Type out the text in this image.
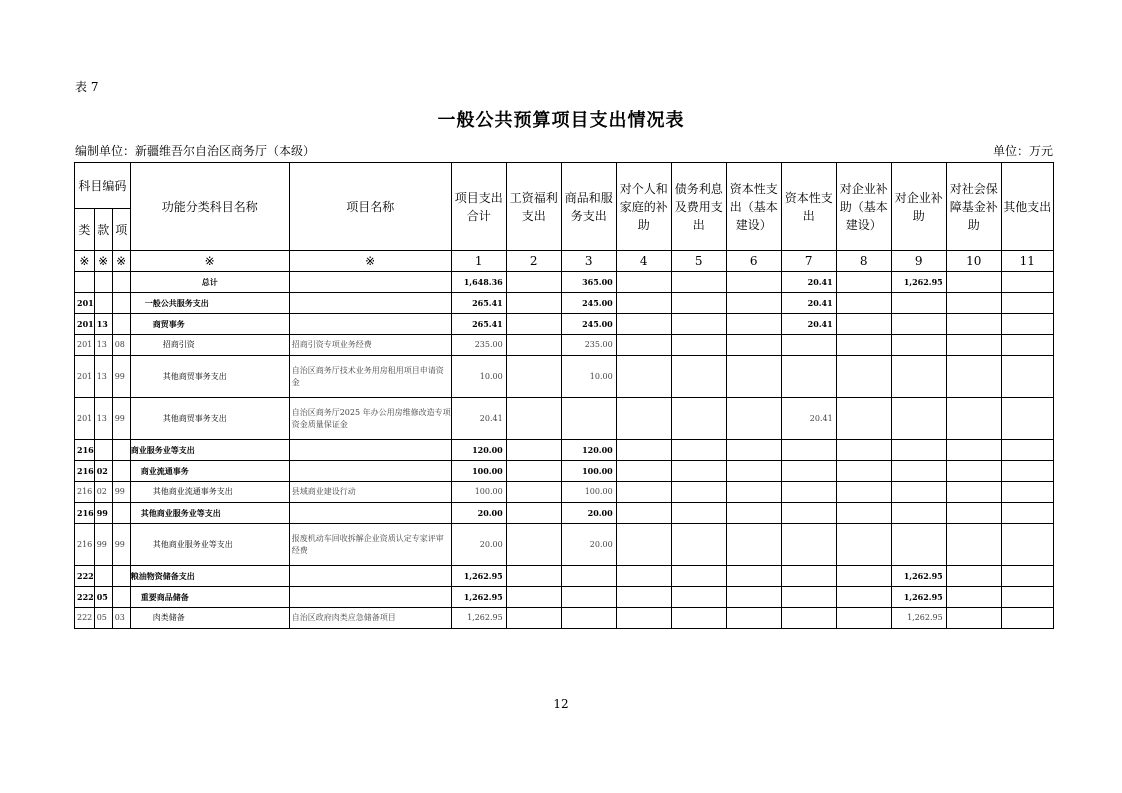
表 7
一般公共预算项目支出情况表
编制单位：新疆维吾尔自治区商务厅（本级）	单位：万元
科目编码			功能分类科目名称	项目名称	项目支出合计	工资福利支出	商品和服务支出	对个人和家庭的补助	债务利息及费用支出	资本性支出（基本建设）	资本性支出	对企业补助（基本建设）	对企业补助	对社会保障基金补助	其他支出
类	款	项													
※	※	※	※	※	1	2	3	4	5	6	7	8	9	10	11
			总计		1,648.36		365.00				20.41		1,262.95		
201			一般公共服务支出		265.41		245.00				20.41				
201	13		商贸事务		265.41		245.00				20.41				
201	13	08	招商引资	招商引资专项业务经费	235.00		235.00								
201	13	99	其他商贸事务支出	自治区商务厅技术业务用房租用项目申请资金	10.00		10.00								
201	13	99	其他商贸事务支出	自治区商务厅2025 年办公用房维修改造专项资金质量保证金	20.41						20.41				
216			商业服务业等支出		120.00		120.00								
216	02		商业流通事务		100.00		100.00								
216	02	99	其他商业流通事务支出	县域商业建设行动	100.00		100.00								
216	99		其他商业服务业等支出		20.00		20.00								
216	99	99	其他商业服务业等支出	报废机动车回收拆解企业资质认定专家评审经费	20.00		20.00								
222			粮油物资储备支出		1,262.95								1,262.95		
222	05		重要商品储备		1,262.95								1,262.95		
222	05	03	肉类储备	自治区政府肉类应急储备项目	1,262.95								1,262.95		
12
